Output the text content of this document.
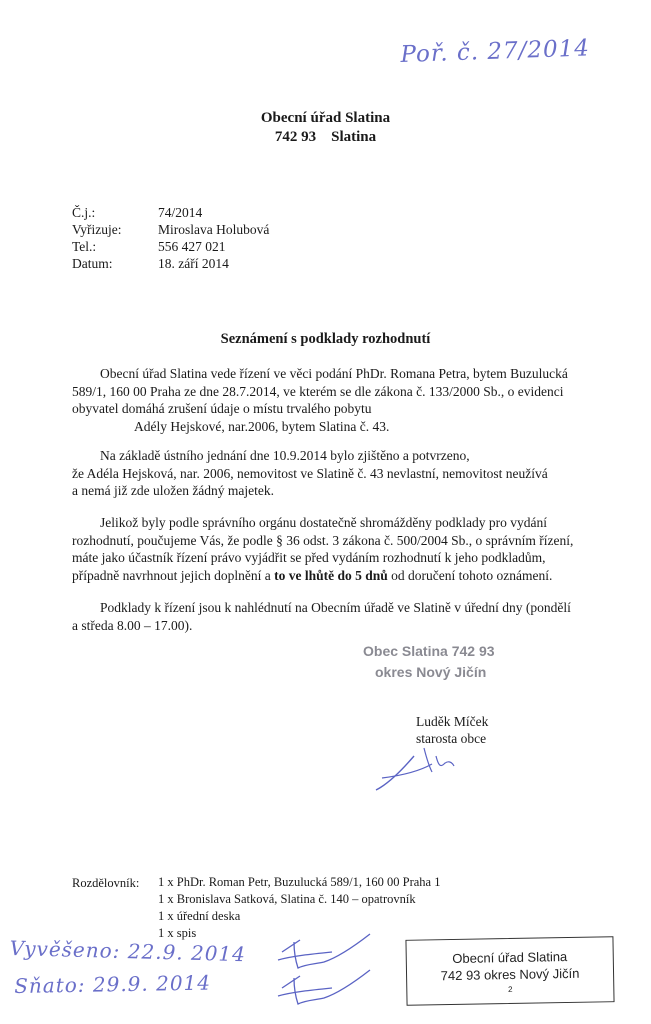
Poř. č. 27/2014
Obecní úřad Slatina
742 93    Slatina
Č.j.:	74/2014
Vyřizuje:	Miroslava Holubová
Tel.:	556 427 021
Datum:	18. září 2014
Seznámení s podklady rozhodnutí
Obecní úřad Slatina vede řízení ve věci podání PhDr. Romana Petra, bytem Buzulucká
589/1, 160 00 Praha ze dne 28.7.2014, ve kterém se dle zákona č. 133/2000 Sb., o evidenci
obyvatel domáhá zrušení údaje o místu trvalého pobytu
Adély Hejskové, nar.2006, bytem Slatina č. 43.
Na základě ústního jednání dne 10.9.2014 bylo zjištěno a potvrzeno,
že Adéla Hejsková, nar. 2006, nemovitost ve Slatině č. 43 nevlastní, nemovitost neužívá
a nemá již zde uložen žádný majetek.
Jelikož byly podle správního orgánu dostatečně shromážděny podklady pro vydání
rozhodnutí, poučujeme Vás, že podle § 36 odst. 3 zákona č. 500/2004 Sb., o správním řízení,
máte jako účastník řízení právo vyjádřit se před vydáním rozhodnutí k jeho podkladům,
případně navrhnout jejich doplnění a to ve lhůtě do 5 dnů od doručení tohoto oznámení.
Podklady k řízení jsou k nahlédnutí na Obecním úřadě ve Slatině v úřední dny (pondělí
a středa 8.00 – 17.00).
Obec Slatina 742 93
okres Nový Jičín
Luděk Míček
starosta obce
Rozdělovník: 1 x PhDr. Roman Petr, Buzulucká 589/1, 160 00 Praha 1
1 x Bronislava Satková, Slatina č. 140 – opatrovník
1 x úřední deska
1 x spis
Vyvěšeno: 22.9. 2014
Sňato: 29.9. 2014
Obecní úřad Slatina
742 93 okres Nový Jičín
2
